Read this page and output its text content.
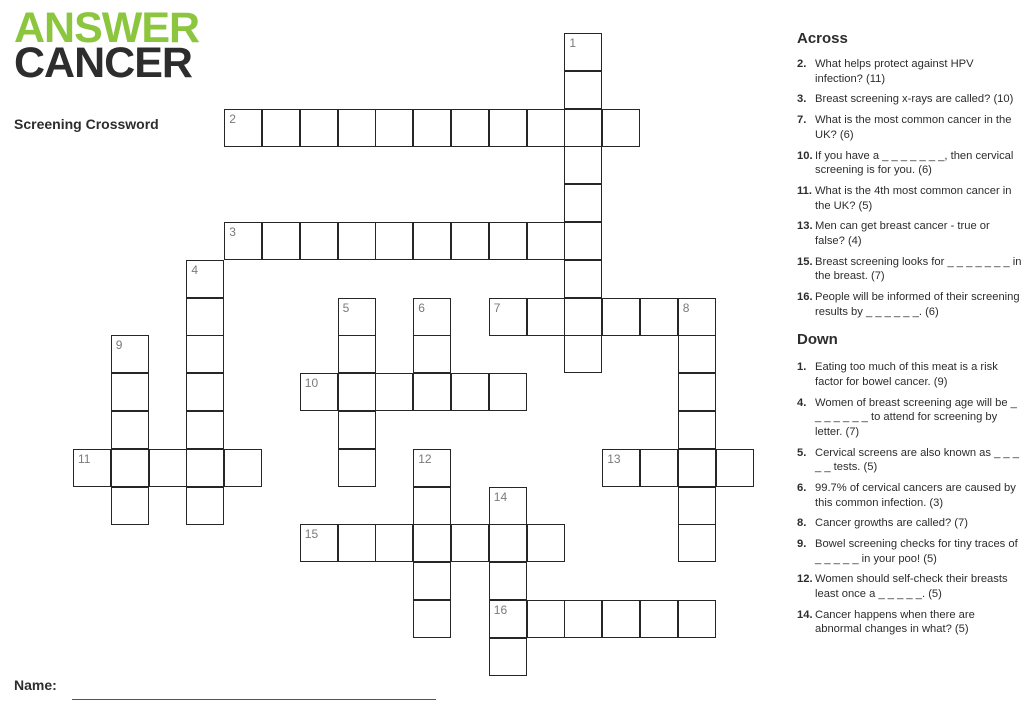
ANSWER
CANCER
Screening Crossword
1
2
3
4
5	6	7	8
9
10
11	12	13
14
16
15
Across
2. What helps protect against HPV infection? (11)
3. Breast screening x-rays are called? (10)
7. What is the most common cancer in the UK? (6)
10. If you have a _ _ _ _ _ _ _, then cervical screening is for you. (6)
11. What is the 4th most common cancer in the UK? (5)
13. Men can get breast cancer - true or false? (4)
15. Breast screening looks for _ _ _ _ _ _ _ in the breast. (7)
16. People will be informed of their screening results by _ _ _ _ _ _. (6)
Down
1. Eating too much of this meat is a risk factor for bowel cancer. (9)
4. Women of breast screening age will be _ _ _ _ _ _ _ to attend for screening by letter. (7)
5. Cervical screens are also known as _ _ _ _ _ tests. (5)
6. 99.7% of cervical cancers are caused by this common infection. (3)
8. Cancer growths are called? (7)
9. Bowel screening checks for tiny traces of _ _ _ _ _ in your poo! (5)
12. Women should self-check their breasts least once a _ _ _ _ _. (5)
14. Cancer happens when there are abnormal changes in what? (5)
Name:
